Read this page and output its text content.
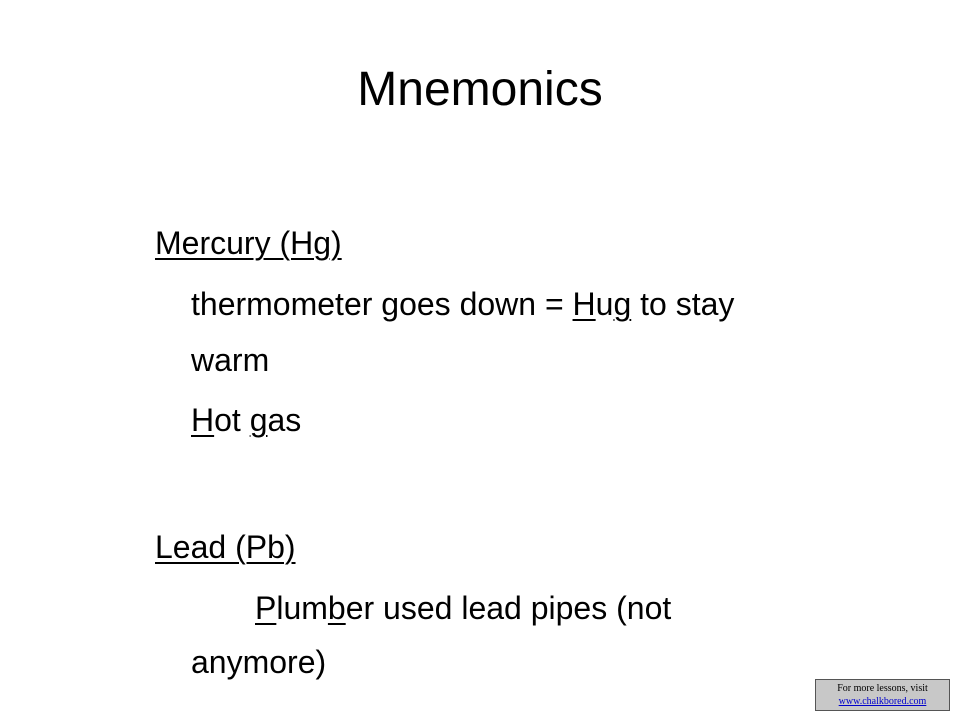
Mnemonics
Mercury (Hg)
thermometer goes down = Hug to stay
warm
Hot gas
Lead (Pb)
Plumber used lead pipes (not
anymore)
For more lessons, visit
www.chalkbored.com
